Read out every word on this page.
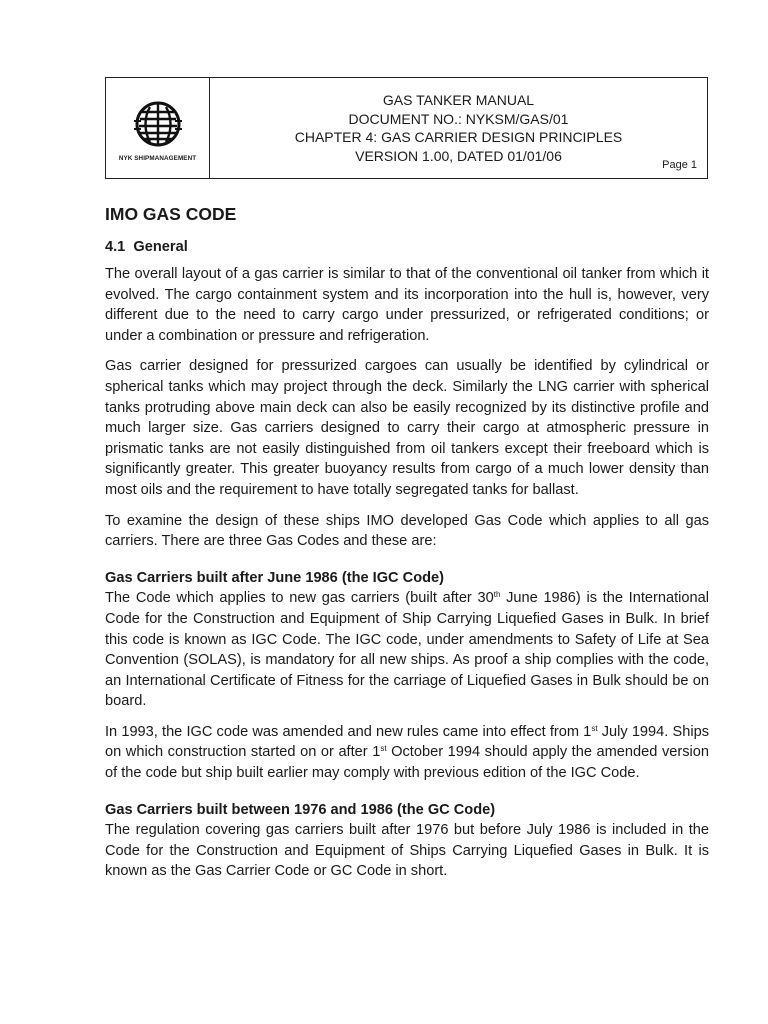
NYK SHIPMANAGEMENT
GAS TANKER MANUAL
DOCUMENT NO.: NYKSM/GAS/01
CHAPTER 4: GAS CARRIER DESIGN PRINCIPLES
VERSION 1.00, DATED 01/01/06
Page 1
IMO GAS CODE
4.1 General

The overall layout of a gas carrier is similar to that of the conventional oil tanker from which it evolved. The cargo containment system and its incorporation into the hull is, however, very different due to the need to carry cargo under pressurized, or refrigerated conditions; or under a combination or pressure and refrigeration.

Gas carrier designed for pressurized cargoes can usually be identified by cylindrical or spherical tanks which may project through the deck. Similarly the LNG carrier with spherical tanks protruding above main deck can also be easily recognized by its distinctive profile and much larger size. Gas carriers designed to carry their cargo at atmospheric pressure in prismatic tanks are not easily distinguished from oil tankers except their freeboard which is significantly greater. This greater buoyancy results from cargo of a much lower density than most oils and the requirement to have totally segregated tanks for ballast.

To examine the design of these ships IMO developed Gas Code which applies to all gas carriers. There are three Gas Codes and these are:

Gas Carriers built after June 1986 (the IGC Code)

The Code which applies to new gas carriers (built after 30th June 1986) is the International Code for the Construction and Equipment of Ship Carrying Liquefied Gases in Bulk. In brief this code is known as IGC Code. The IGC code, under amendments to Safety of Life at Sea Convention (SOLAS), is mandatory for all new ships. As proof a ship complies with the code, an International Certificate of Fitness for the carriage of Liquefied Gases in Bulk should be on board.

In 1993, the IGC code was amended and new rules came into effect from 1st July 1994. Ships on which construction started on or after 1st October 1994 should apply the amended version of the code but ship built earlier may comply with previous edition of the IGC Code.

Gas Carriers built between 1976 and 1986 (the GC Code)

The regulation covering gas carriers built after 1976 but before July 1986 is included in the Code for the Construction and Equipment of Ships Carrying Liquefied Gases in Bulk. It is known as the Gas Carrier Code or GC Code in short.
